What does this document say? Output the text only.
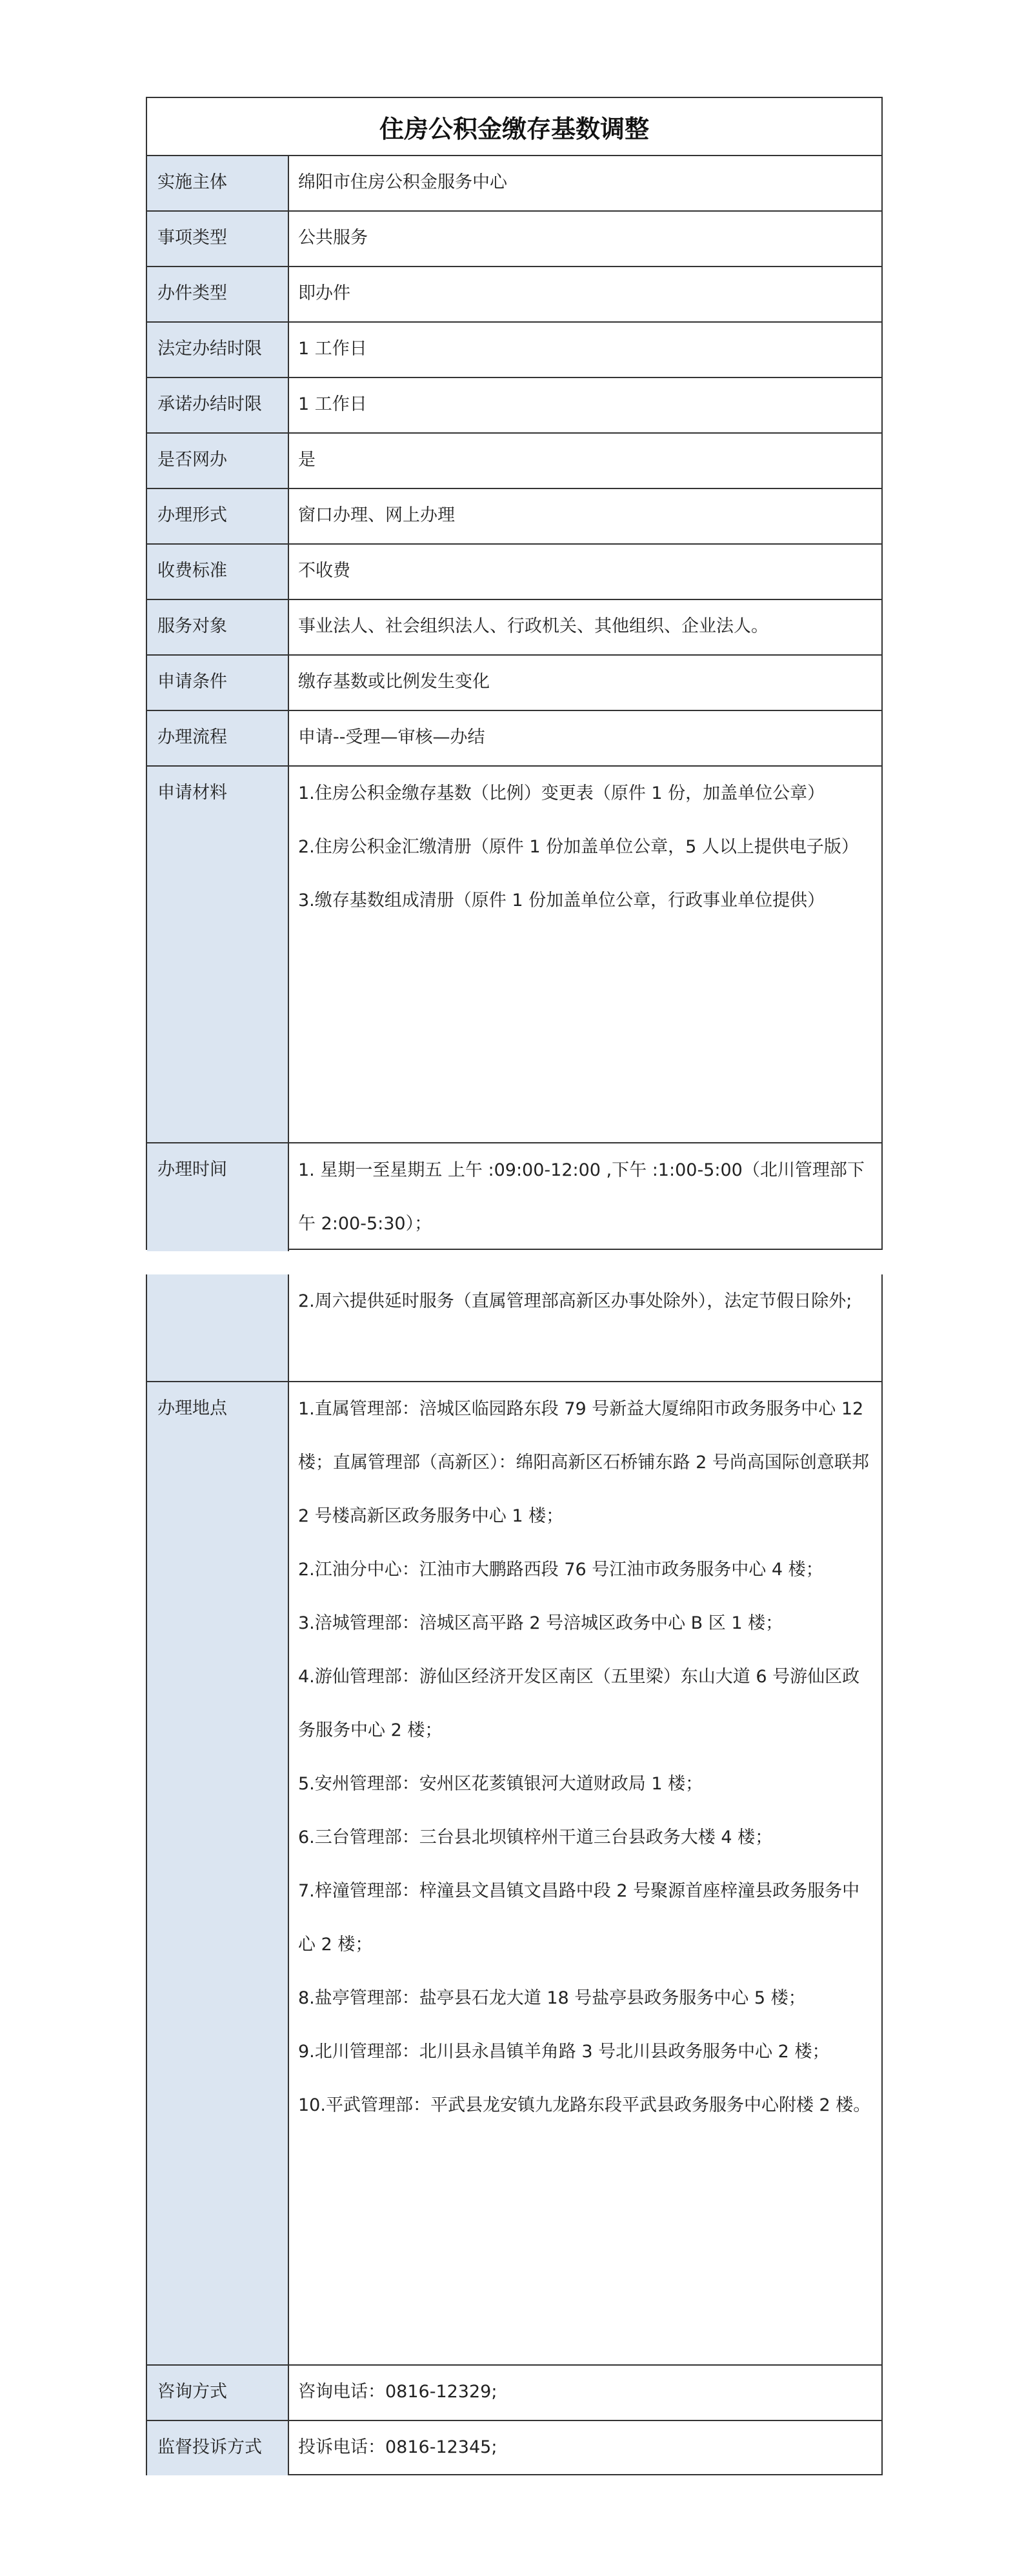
住房公积金缴存基数调整
实施主体	绵阳市住房公积金服务中心
事项类型	公共服务
办件类型	即办件
法定办结时限	1 工作日
承诺办结时限	1 工作日
是否网办	是
办理形式	窗口办理、网上办理
收费标准	不收费
服务对象	事业法人、社会组织法人、行政机关、其他组织、企业法人。
申请条件	缴存基数或比例发生变化
办理流程	申请--受理—审核—办结
申请材料	1.住房公积金缴存基数（比例）变更表（原件 1 份，加盖单位公章）
2.住房公积金汇缴清册（原件 1 份加盖单位公章，5 人以上提供电子版）
3.缴存基数组成清册（原件 1 份加盖单位公章，行政事业单位提供）
办理时间	1. 星期一至星期五 上午 :09:00-12:00 ,下午 :1:00-5:00（北川管理部下午 2:00-5:30）；
2.周六提供延时服务（直属管理部高新区办事处除外），法定节假日除外;
办理地点	1.直属管理部：涪城区临园路东段 79 号新益大厦绵阳市政务服务中心 12 楼；直属管理部（高新区）：绵阳高新区石桥铺东路 2 号尚高国际创意联邦 2 号楼高新区政务服务中心 1 楼；
2.江油分中心：江油市大鹏路西段 76 号江油市政务服务中心 4 楼；
3.涪城管理部：涪城区高平路 2 号涪城区政务中心 B 区 1 楼；
4.游仙管理部：游仙区经济开发区南区（五里梁）东山大道 6 号游仙区政务服务中心 2 楼；
5.安州管理部：安州区花荄镇银河大道财政局 1 楼；
6.三台管理部：三台县北坝镇梓州干道三台县政务大楼 4 楼；
7.梓潼管理部：梓潼县文昌镇文昌路中段 2 号聚源首座梓潼县政务服务中心 2 楼；
8.盐亭管理部：盐亭县石龙大道 18 号盐亭县政务服务中心 5 楼；
9.北川管理部：北川县永昌镇羊角路 3 号北川县政务服务中心 2 楼；
10.平武管理部：平武县龙安镇九龙路东段平武县政务服务中心附楼 2 楼。
咨询方式	咨询电话：0816-12329;
监督投诉方式	投诉电话：0816-12345;
